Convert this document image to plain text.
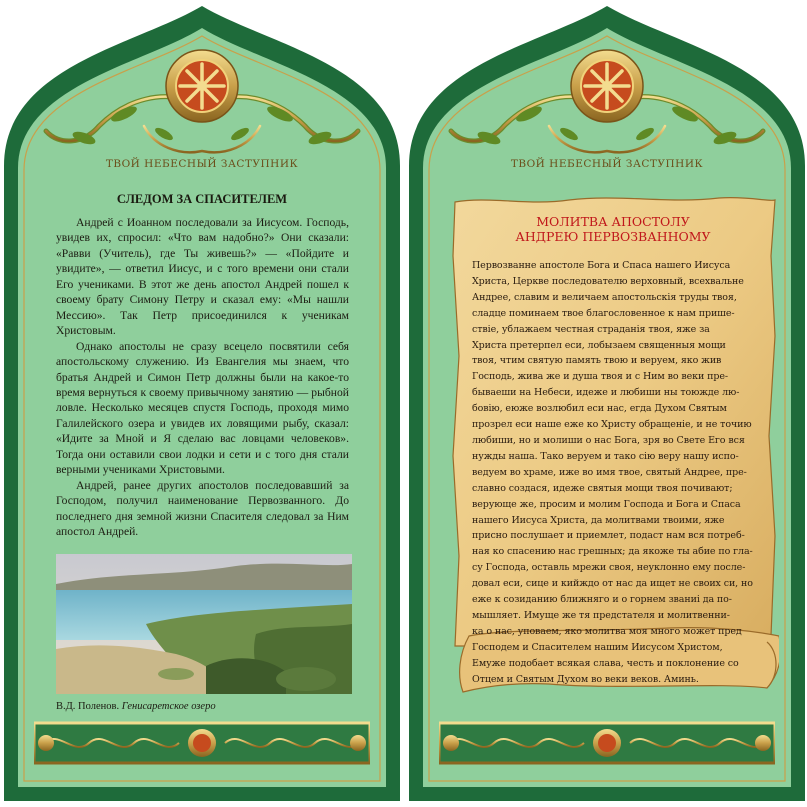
ТВОЙ НЕБЕСНЫЙ ЗАСТУПНИК
СЛЕДОМ ЗА СПАСИТЕЛЕМ

Андрей с Иоанном последовали за Иисусом. Господь, увидев их, спросил: «Что вам надобно?» Они сказали: «Равви (Учитель), где Ты живешь?» — «Пойдите и увидите», — ответил Иисус, и с того времени они стали Его учениками. В этот же день апостол Андрей пошел к своему брату Симону Петру и сказал ему: «Мы нашли Мессию». Так Петр присоединился к ученикам Христовым.

Однако апостолы не сразу всецело посвятили себя апостольскому служению. Из Евангелия мы знаем, что братья Андрей и Симон Петр должны были на какое-то время вернуться к своему привычному занятию — рыбной ловле. Несколько месяцев спустя Господь, проходя мимо Галилейского озера и увидев их ловящими рыбу, сказал: «Идите за Мной и Я сделаю вас ловцами человеков». Тогда они оставили свои лодки и сети и с того дня стали верными учениками Христовыми.

Андрей, ранее других апостолов последовавший за Господом, получил наименование Первозванного. До последнего дня земной жизни Спасителя следовал за Ним апостол Андрей.

В.Д. Поленов. Генисаретское озеро
ТВОЙ НЕБЕСНЫЙ ЗАСТУПНИК
МОЛИТВА АПОСТОЛУ
АНДРЕЮ ПЕРВОЗВАННОМУ
Первозванне апостоле Бога и Спаса нашего Иисуса
Христа, Церкве последователю верховный, всехвальне
Андрее, славим и величаем апостольскiя труды твоя,
сладце поминаем твое благословенное к нам прише-
ствiе, ублажаем честная страданiя твоя, яже за
Христа претерпел еси, лобызаем священныя мощи
твоя, чтим святую память твою и веруем, яко жив
Господь, жива же и душа твоя и с Ним во веки пре-
бываеши на Небеси, идеже и любиши ны тоюжде лю-
бовiю, еюже возлюбил еси нас, егда Духом Святым
прозрел еси наше еже ко Христу обращенiе, и не точию
любиши, но и молиши о нас Бога, зря во Свете Его вся
нужды наша. Тако веруем и тако сiю веру нашу испо-
ведуем во храме, иже во имя твое, святый Андрее, пре-
славно создася, идеже святыя мощи твоя почивают;
верующе же, просим и молим Господа и Бога и Спаса
нашего Иисуса Христа, да молитвами твоими, яже
присно послушает и приемлет, подаст нам вся потреб-
ная ко спасению нас грешных; да якоже ты абие по гла-
су Господа, оставль мрежи своя, неуклонно ему после-
довал еси, сице и кийждо от нас да ищет не своих си, но
еже к созиданию ближняго и о горнем званиi да по-
мышляет. Имуще же тя предстателя и молитвенни-
ка о нас, уповаем, яко молитва моя много может пред
Господем и Спасителем нашим Иисусом Христом,
Емуже подобает всякая слава, честь и поклонение со
Отцем и Святым Духом во веки веков. Аминь.
